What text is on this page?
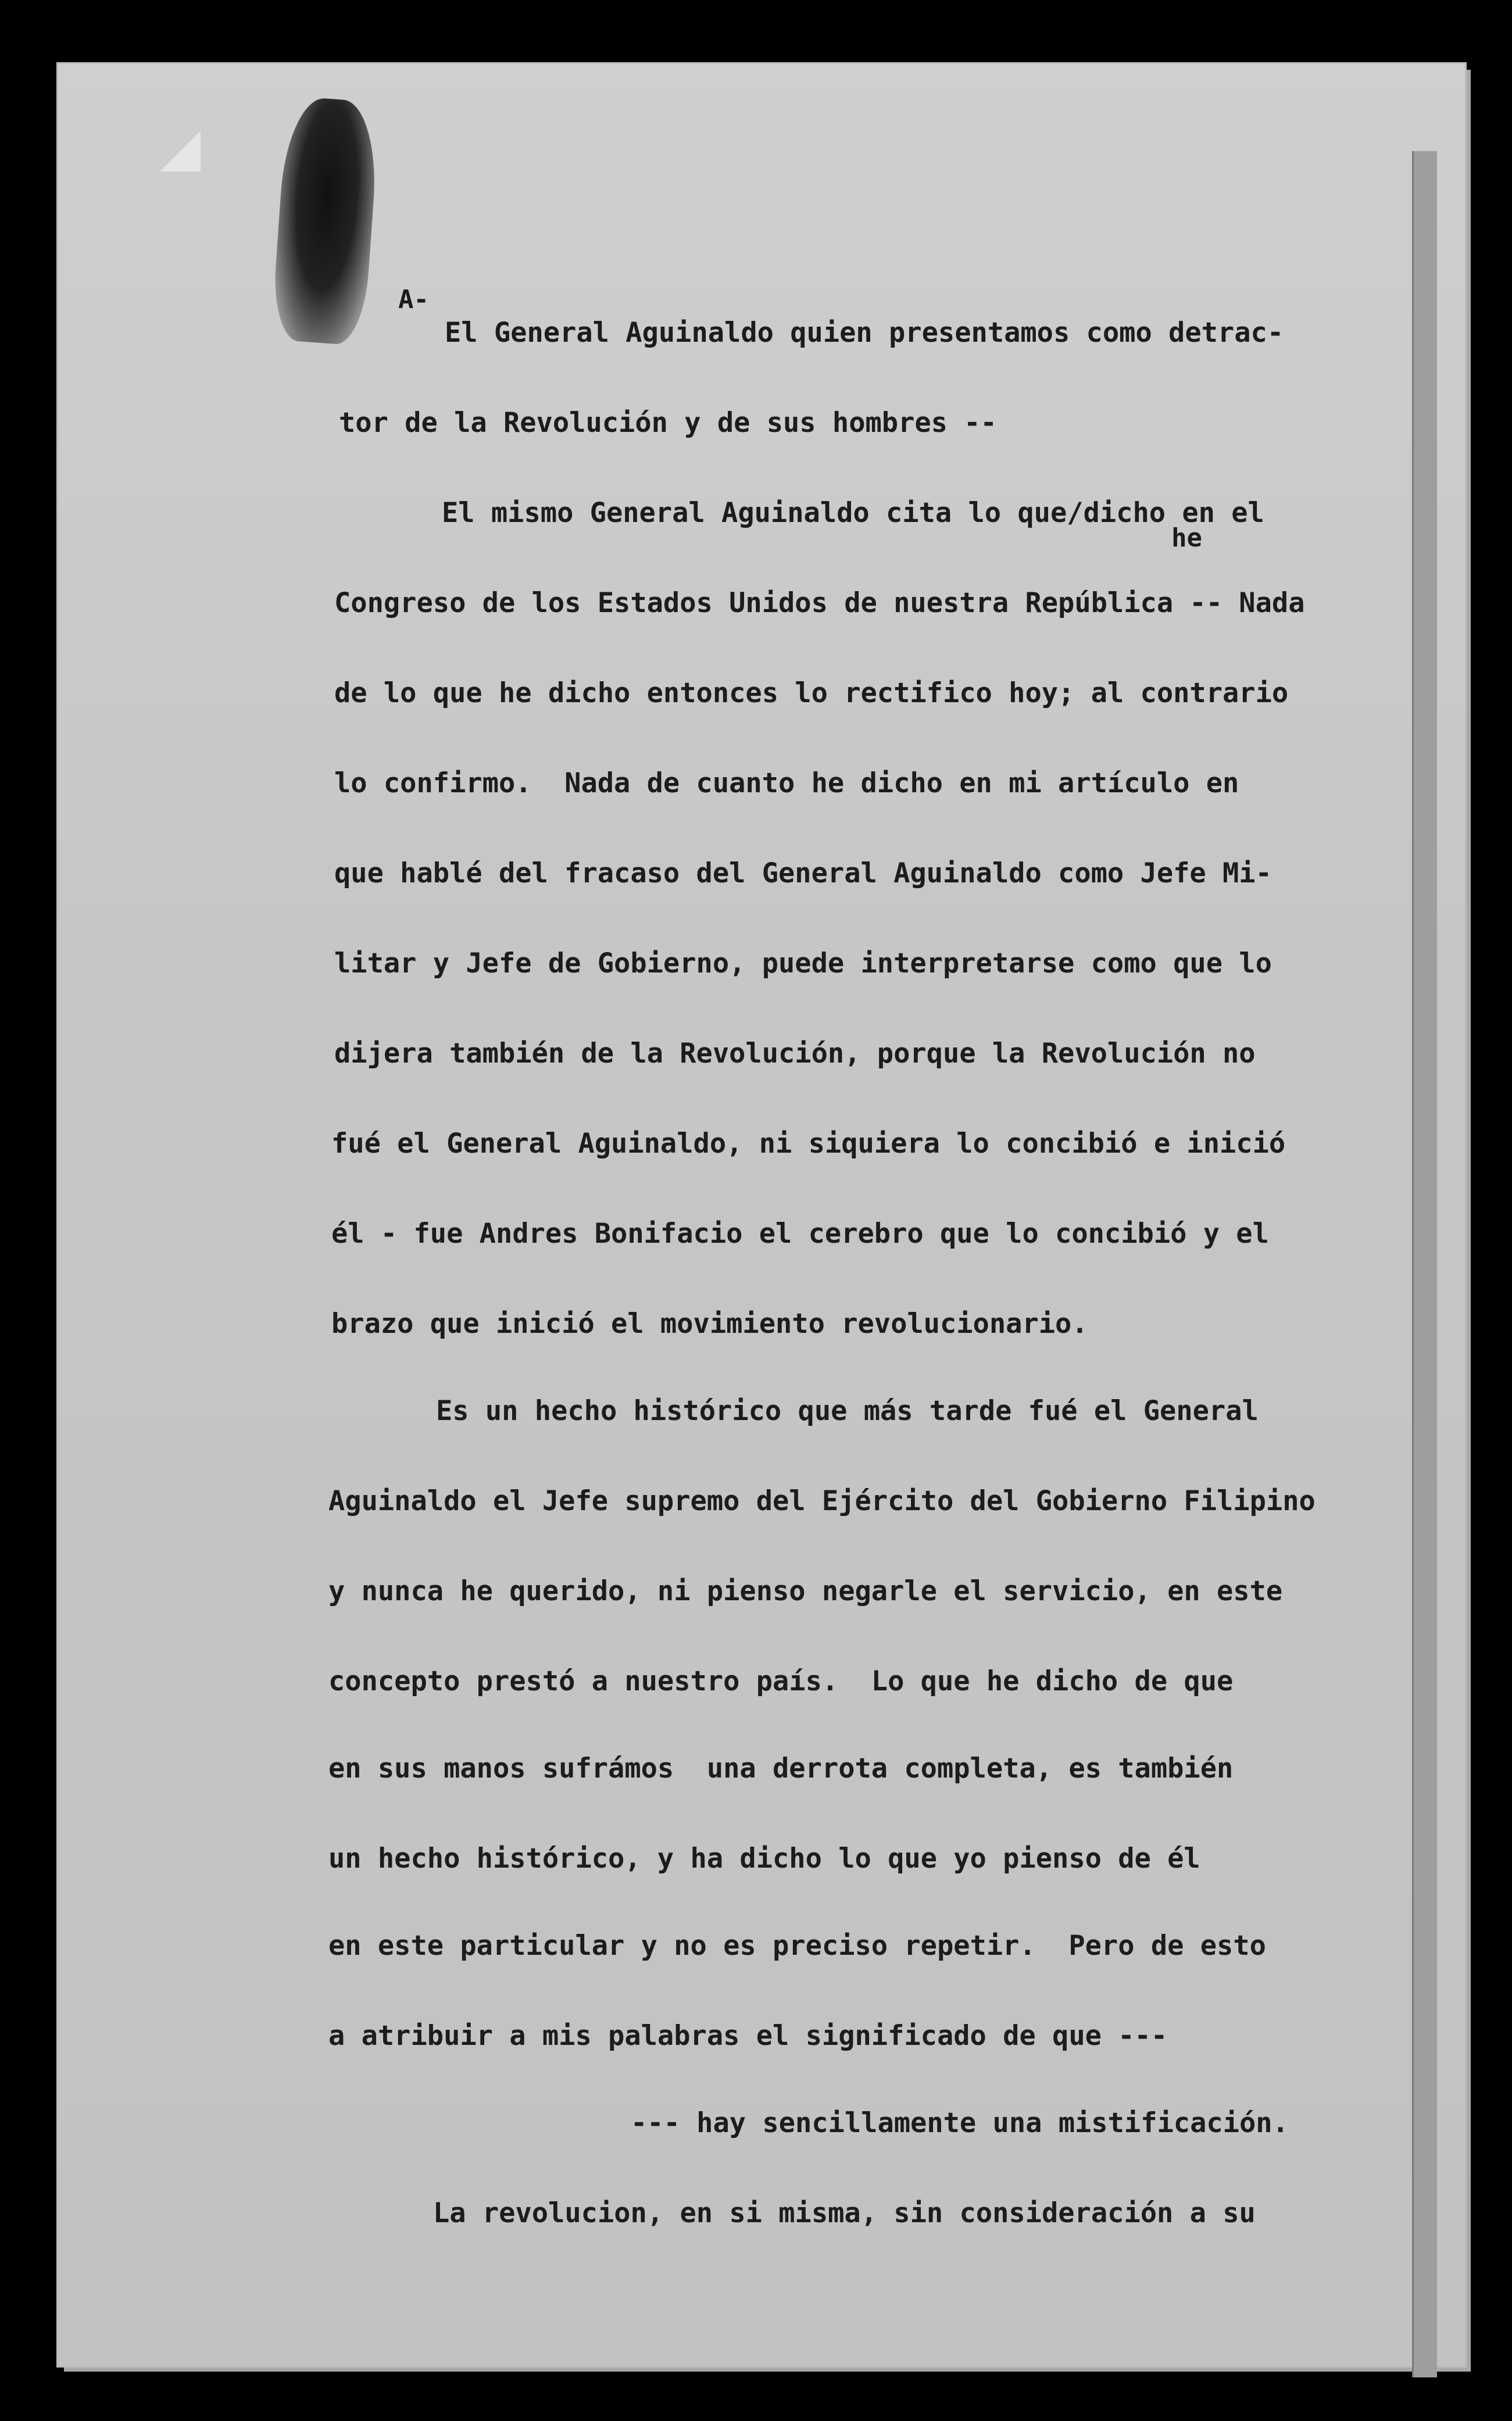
A-
he
El General Aguinaldo quien presentamos como detrac-
tor de la Revolución y de sus hombres --
El mismo General Aguinaldo cita lo que/dicho en el
Congreso de los Estados Unidos de nuestra República -- Nada
de lo que he dicho entonces lo rectifico hoy; al contrario
lo confirmo.  Nada de cuanto he dicho en mi artículo en
que hablé del fracaso del General Aguinaldo como Jefe Mi-
litar y Jefe de Gobierno, puede interpretarse como que lo
dijera también de la Revolución, porque la Revolución no
fué el General Aguinaldo, ni siquiera lo concibió e inició
él - fue Andres Bonifacio el cerebro que lo concibió y el
brazo que inició el movimiento revolucionario.
Es un hecho histórico que más tarde fué el General
Aguinaldo el Jefe supremo del Ejército del Gobierno Filipino
y nunca he querido, ni pienso negarle el servicio, en este
concepto prestó a nuestro país.  Lo que he dicho de que
en sus manos sufrámos  una derrota completa, es también
un hecho histórico, y ha dicho lo que yo pienso de él
en este particular y no es preciso repetir.  Pero de esto
a atribuir a mis palabras el significado de que ---
--- hay sencillamente una mistificación.
La revolucion, en si misma, sin consideración a su
